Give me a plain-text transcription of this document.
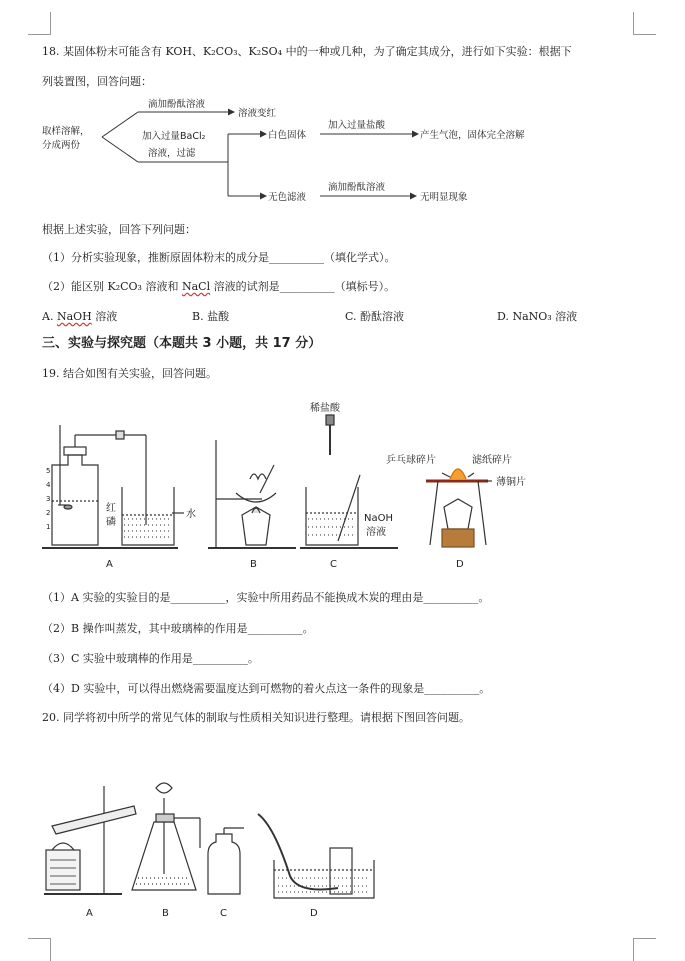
18. 某固体粉末可能含有 KOH、K₂CO₃、K₂SO₄ 中的一种或几种，为了确定其成分，进行如下实验：根据下
列装置图，回答问题：
取样溶解，
分成两份
滴加酚酞溶液
溶液变红
加入过量BaCl₂
溶液，过滤
白色固体
加入过量盐酸
产生气泡，固体完全溶解
无色滤液
滴加酚酞溶液
无明显现象
根据上述实验，回答下列问题：
（1）分析实验现象，推断原固体粉末的成分是__________（填化学式）。
（2）能区别 K₂CO₃ 溶液和 NaCl 溶液的试剂是__________（填标号）。
A. NaOH 溶液	B. 盐酸	C. 酚酞溶液	D. NaNO₃ 溶液
三、实验与探究题（本题共 3 小题，共 17 分）
19. 结合如图有关实验，回答问题。
5
4
3
2
1
红
磷
水
稀盐酸
NaOH
溶液
乒乓球碎片	滤纸碎片
薄铜片
A	B	C	D
（1）A 实验的实验目的是__________，实验中所用药品不能换成木炭的理由是__________。
（2）B 操作叫蒸发，其中玻璃棒的作用是__________。
（3）C 实验中玻璃棒的作用是__________。
（4）D 实验中，可以得出燃烧需要温度达到可燃物的着火点这一条件的现象是__________。
20. 同学将初中所学的常见气体的制取与性质相关知识进行整理。请根据下图回答问题。
A	B	C	D
